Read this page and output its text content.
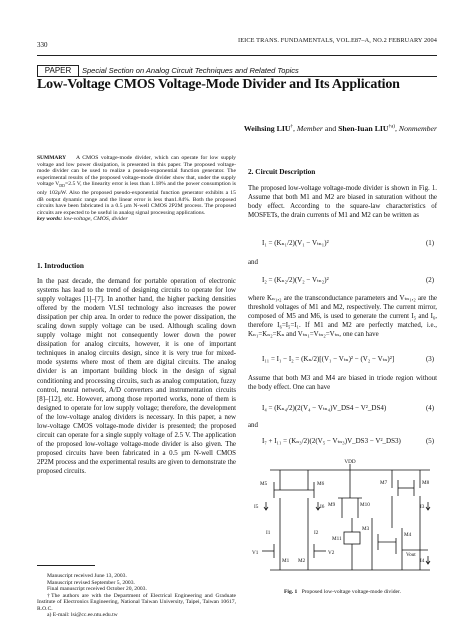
330
IEICE TRANS. FUNDAMENTALS, VOL.E87–A, NO.2 FEBRUARY 2004
PAPER	Special Section on Analog Circuit Techniques and Related Topics
Low-Voltage CMOS Voltage-Mode Divider and Its Application
Weihsing LIU†, Member and Shen-Iuan LIU$^{\dagger a)}$, Nonmember
SUMMARY A CMOS voltage-mode divider, which can operate for low supply voltage and low power dissipation, is presented in this paper. The proposed voltage-mode divider can be used to realize a pseudo-exponential function generator. The experimental results of the proposed voltage-mode divider show that, under the supply voltage $V_{DD}=2.5$ V, the linearity error is less than 1.18% and the power consumption is only 102μW. Also the proposed pseudo-exponential function generator exhibits a 15 dB output dynamic range and the linear error is less than1.84%. Both the proposed circuits have been fabricated in a 0.5 μm N-well CMOS 2P2M process. The proposed circuits are expected to be useful in analog signal processing applications.
key words: low-voltage, CMOS, divider
1. Introduction
In the past decade, the demand for portable operation of electronic systems has lead to the trend of designing circuits to operate for low supply voltages [1]–[7]. In another hand, the higher packing densities offered by the modern VLSI technology also increases the power dissipation per chip area. In order to reduce the power dissipation, the scaling down supply voltage can be used. Although scaling down supply voltage might not consequently lower down the power dissipation for analog circuits, however, it is one of important techniques in analog circuits design, since it is very true for mixed-mode systems where most of them are digital circuits. The analog divider is an important building block in the design of signal conditioning and processing circuits, such as analog computation, fuzzy control, neural network, A/D converters and instrumentation circuits [8]–[12], etc. However, among those reported works, none of them is designed to operate for low supply voltage; therefore, the development of the low-voltage analog dividers is necessary. In this paper, a new low-voltage CMOS voltage-mode divider is presented; the proposed circuit can operate for a single supply voltage of 2.5 V. The application of the proposed low-voltage voltage-mode divider is also given. The proposed circuits have been fabricated in a 0.5 μm N-well CMOS 2P2M process and the experimental results are given to demonstrate the proposed circuits.
Manuscript received June 13, 2003.
Manuscript revised September 5, 2003.
Final manuscript received October 20, 2003.
†The authors are with the Department of Electrical Engineering and Graduate Institute of Electronics Engineering, National Taiwan University, Taipei, Taiwan 10617, R.O.C.
a) E-mail: lsi@cc.ee.ntu.edu.tw
2. Circuit Description
The proposed low-voltage voltage-mode divider is shown in Fig. 1. Assume that both M1 and M2 are biased in saturation without the body effect. According to the square-law characteristics of MOSFETs, the drain currents of M1 and M2 can be written as
I₁ = (Kₙ₁/2)(V₁ − Vₜₙ₁)²	(1)
and
I₂ = (Kₙ₂/2)(V₂ − Vₜₙ₂)²	(2)
where Kₙ₁,₂ are the transconductance parameters and Vₜₙ₁,₂ are the threshold voltages of M1 and M2, respectively. The current mirror, composed of M5 and M6, is used to generate the current I₅ and I₆, therefore I₆=I₅=I₁. If M1 and M2 are perfectly matched, i.e., Kₙ₁=Kₙ₂=Kₙ and Vₜₙ₁=Vₜₙ₂=Vₜₙ, one can have
I₁₁ = I₁ − I₂ = (Kₙ/2)[(V₁ − Vₜₙ)² − (V₂ − Vₜₙ)²]	(3)
Assume that both M3 and M4 are biased in triode region without the body effect. One can have
I₄ = (Kₙ₄/2)(2(V₄ − Vₜₙ₄)V_DS4 − V²_DS4)	(4)
and
I₇ + I₁₁ = (Kₙ₃/2)(2(V₅ − Vₜₙ₃)V_DS3 − V²_DS3)	(5)
VDD
M5	M6	M7	M8
M9	M10
M11
M3
M4
M1 M2
V1	V2	Vout
I5	I6
I1	I2
I3
I4
Fig. 1 Proposed low-voltage voltage-mode divider.
